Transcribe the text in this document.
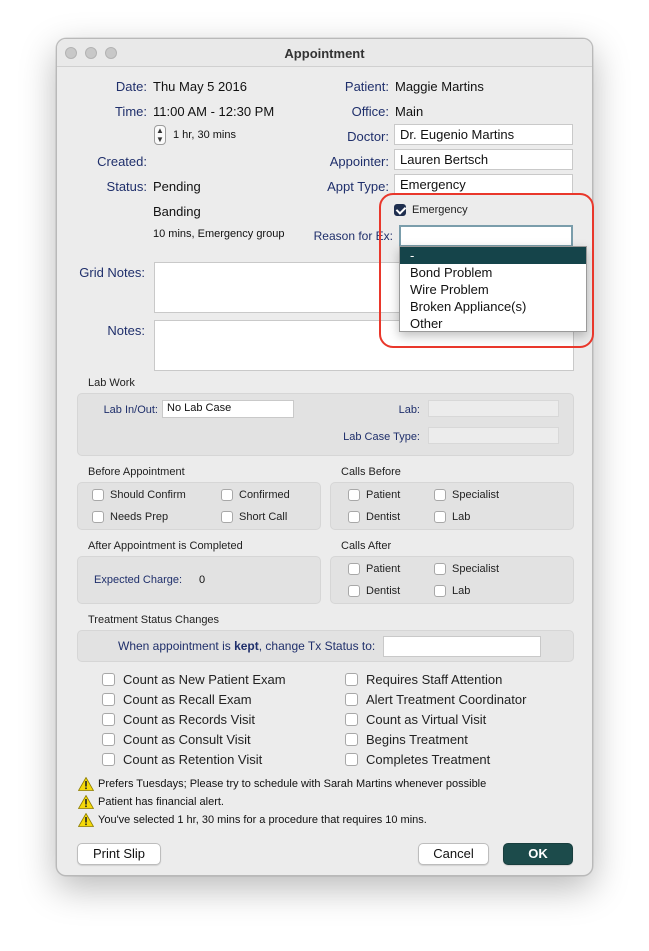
Appointment
Date: Thu May 5 2016
Time: 11:00 AM - 12:30 PM
▲
▼ 1 hr, 30 mins
Created:
Status: Pending
Banding
10 mins, Emergency group
Patient: Maggie Martins
Office: Main
Doctor: Dr. Eugenio Martins
Appointer: Lauren Bertsch
Appt Type: Emergency
Emergency
Reason for Ex:
Grid Notes:
Notes:
Lab Work
Lab In/Out: No Lab Case	Lab:
Lab Case Type:
Before Appointment
Should Confirm	Confirmed
Needs Prep	Short Call
Calls Before
Patient	Specialist
Dentist	Lab
After Appointment is Completed
Expected Charge: 0
Calls After
Patient	Specialist
Dentist	Lab
Treatment Status Changes
When appointment is kept, change Tx Status to:
Count as New Patient Exam
Count as Recall Exam
Count as Records Visit
Count as Consult Visit
Count as Retention Visit
Requires Staff Attention
Alert Treatment Coordinator
Count as Virtual Visit
Begins Treatment
Completes Treatment
Prefers Tuesdays; Please try to schedule with Sarah Martins whenever possible
Patient has financial alert.
You've selected 1 hr, 30 mins for a procedure that requires 10 mins.
Print Slip	Cancel	OK
-
Bond Problem
Wire Problem
Broken Appliance(s)
Other
